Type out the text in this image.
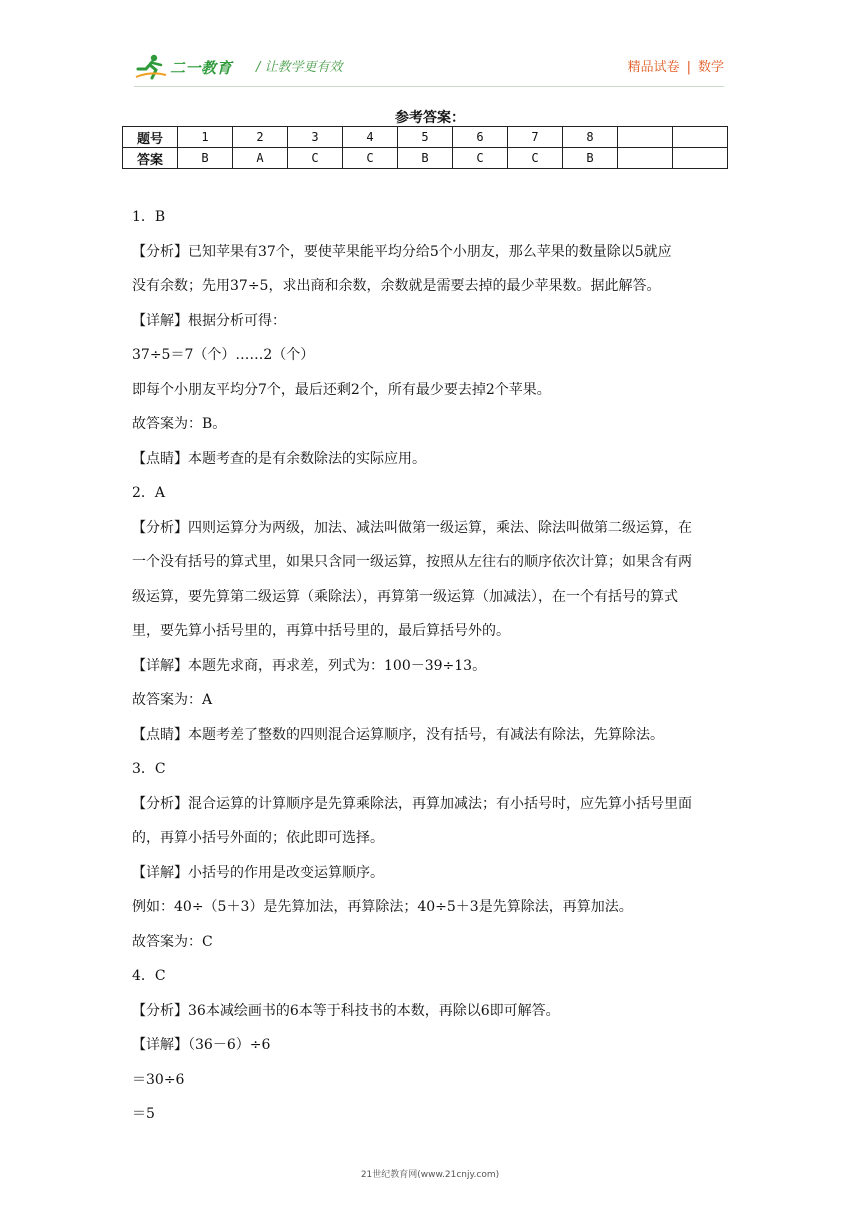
二一教育 / 让教学更有效	精品试卷 | 数学
参考答案：
题号	1	2	3	4	5	6	7	8		
答案	B	A	C	C	B	C	C	B		
1．B
【分析】已知苹果有37个，要使苹果能平均分给5个小朋友，那么苹果的数量除以5就应
没有余数；先用37÷5，求出商和余数，余数就是需要去掉的最少苹果数。据此解答。
【详解】根据分析可得：
37÷5＝7（个）……2（个）
即每个小朋友平均分7个，最后还剩2个，所有最少要去掉2个苹果。
故答案为：B。
【点睛】本题考查的是有余数除法的实际应用。
2．A
【分析】四则运算分为两级，加法、减法叫做第一级运算，乘法、除法叫做第二级运算，在
一个没有括号的算式里，如果只含同一级运算，按照从左往右的顺序依次计算；如果含有两
级运算，要先算第二级运算（乘除法），再算第一级运算（加减法），在一个有括号的算式
里，要先算小括号里的，再算中括号里的，最后算括号外的。
【详解】本题先求商，再求差，列式为：100－39÷13。
故答案为：A
【点睛】本题考差了整数的四则混合运算顺序，没有括号，有减法有除法，先算除法。
3．C
【分析】混合运算的计算顺序是先算乘除法，再算加减法；有小括号时，应先算小括号里面
的，再算小括号外面的；依此即可选择。
【详解】小括号的作用是改变运算顺序。
例如：40÷（5＋3）是先算加法，再算除法；40÷5＋3是先算除法，再算加法。
故答案为：C
4．C
【分析】36本减绘画书的6本等于科技书的本数，再除以6即可解答。
【详解】（36－6）÷6
＝30÷6
＝5
21世纪教育网(www.21cnjy.com)
